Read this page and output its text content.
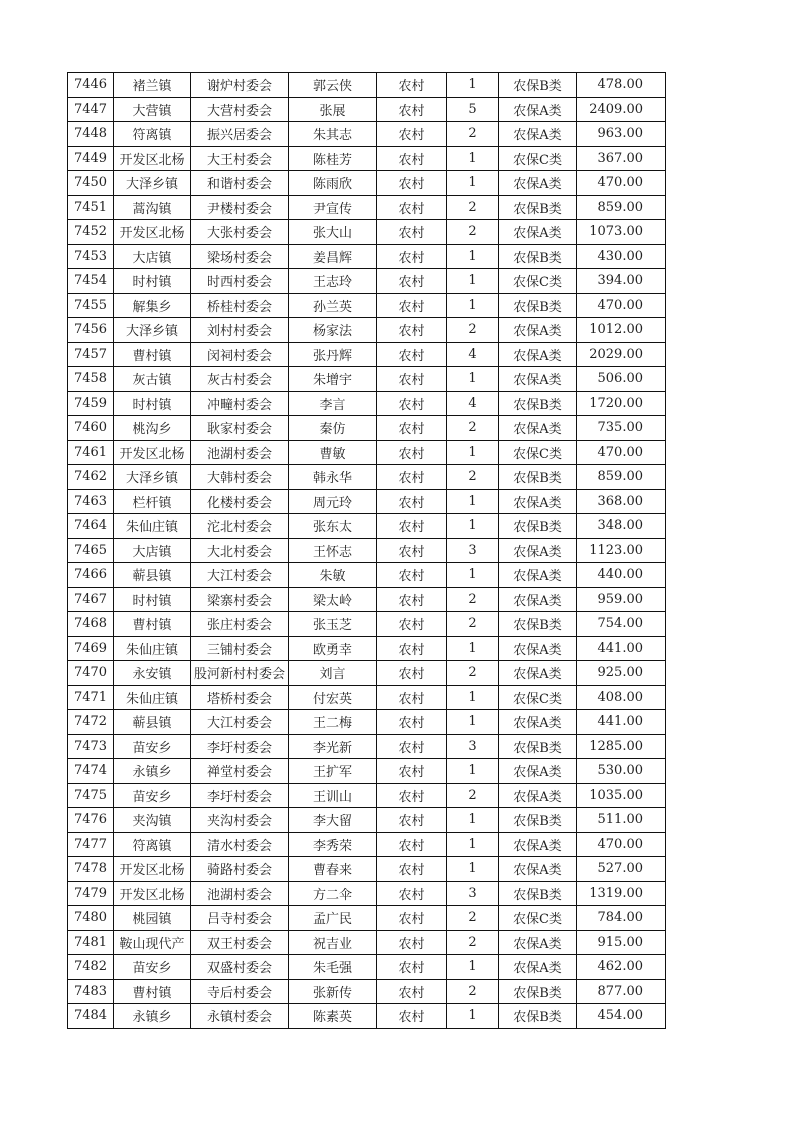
7446	褚兰镇	谢炉村委会	郭云侠	农村	1	农保B类	478.00
7447	大营镇	大营村委会	张展	农村	5	农保A类	2409.00
7448	符离镇	振兴居委会	朱其志	农村	2	农保A类	963.00
7449	开发区北杨	大王村委会	陈桂芳	农村	1	农保C类	367.00
7450	大泽乡镇	和谐村委会	陈雨欣	农村	1	农保A类	470.00
7451	蒿沟镇	尹楼村委会	尹宣传	农村	2	农保B类	859.00
7452	开发区北杨	大张村委会	张大山	农村	2	农保A类	1073.00
7453	大店镇	梁场村委会	姜昌辉	农村	1	农保B类	430.00
7454	时村镇	时西村委会	王志玲	农村	1	农保C类	394.00
7455	解集乡	桥桂村委会	孙兰英	农村	1	农保B类	470.00
7456	大泽乡镇	刘村村委会	杨家法	农村	2	农保A类	1012.00
7457	曹村镇	闵祠村委会	张丹辉	农村	4	农保A类	2029.00
7458	灰古镇	灰古村委会	朱增宇	农村	1	农保A类	506.00
7459	时村镇	冲疃村委会	李言	农村	4	农保B类	1720.00
7460	桃沟乡	耿家村委会	秦仿	农村	2	农保A类	735.00
7461	开发区北杨	池湖村委会	曹敏	农村	1	农保C类	470.00
7462	大泽乡镇	大韩村委会	韩永华	农村	2	农保B类	859.00
7463	栏杆镇	化楼村委会	周元玲	农村	1	农保A类	368.00
7464	朱仙庄镇	沱北村委会	张东太	农村	1	农保B类	348.00
7465	大店镇	大北村委会	王怀志	农村	3	农保A类	1123.00
7466	蕲县镇	大江村委会	朱敏	农村	1	农保A类	440.00
7467	时村镇	梁寨村委会	梁太岭	农村	2	农保A类	959.00
7468	曹村镇	张庄村委会	张玉芝	农村	2	农保B类	754.00
7469	朱仙庄镇	三铺村委会	欧勇幸	农村	1	农保A类	441.00
7470	永安镇	股河新村村委会	刘言	农村	2	农保A类	925.00
7471	朱仙庄镇	塔桥村委会	付宏英	农村	1	农保C类	408.00
7472	蕲县镇	大江村委会	王二梅	农村	1	农保A类	441.00
7473	苗安乡	李圩村委会	李光新	农村	3	农保B类	1285.00
7474	永镇乡	禅堂村委会	王扩军	农村	1	农保A类	530.00
7475	苗安乡	李圩村委会	王训山	农村	2	农保A类	1035.00
7476	夹沟镇	夹沟村委会	李大留	农村	1	农保B类	511.00
7477	符离镇	清水村委会	李秀荣	农村	1	农保A类	470.00
7478	开发区北杨	骑路村委会	曹春来	农村	1	农保A类	527.00
7479	开发区北杨	池湖村委会	方二伞	农村	3	农保B类	1319.00
7480	桃园镇	吕寺村委会	孟广民	农村	2	农保C类	784.00
7481	鞍山现代产	双王村委会	祝吉业	农村	2	农保A类	915.00
7482	苗安乡	双盛村委会	朱毛强	农村	1	农保A类	462.00
7483	曹村镇	寺后村委会	张新传	农村	2	农保B类	877.00
7484	永镇乡	永镇村委会	陈素英	农村	1	农保B类	454.00
